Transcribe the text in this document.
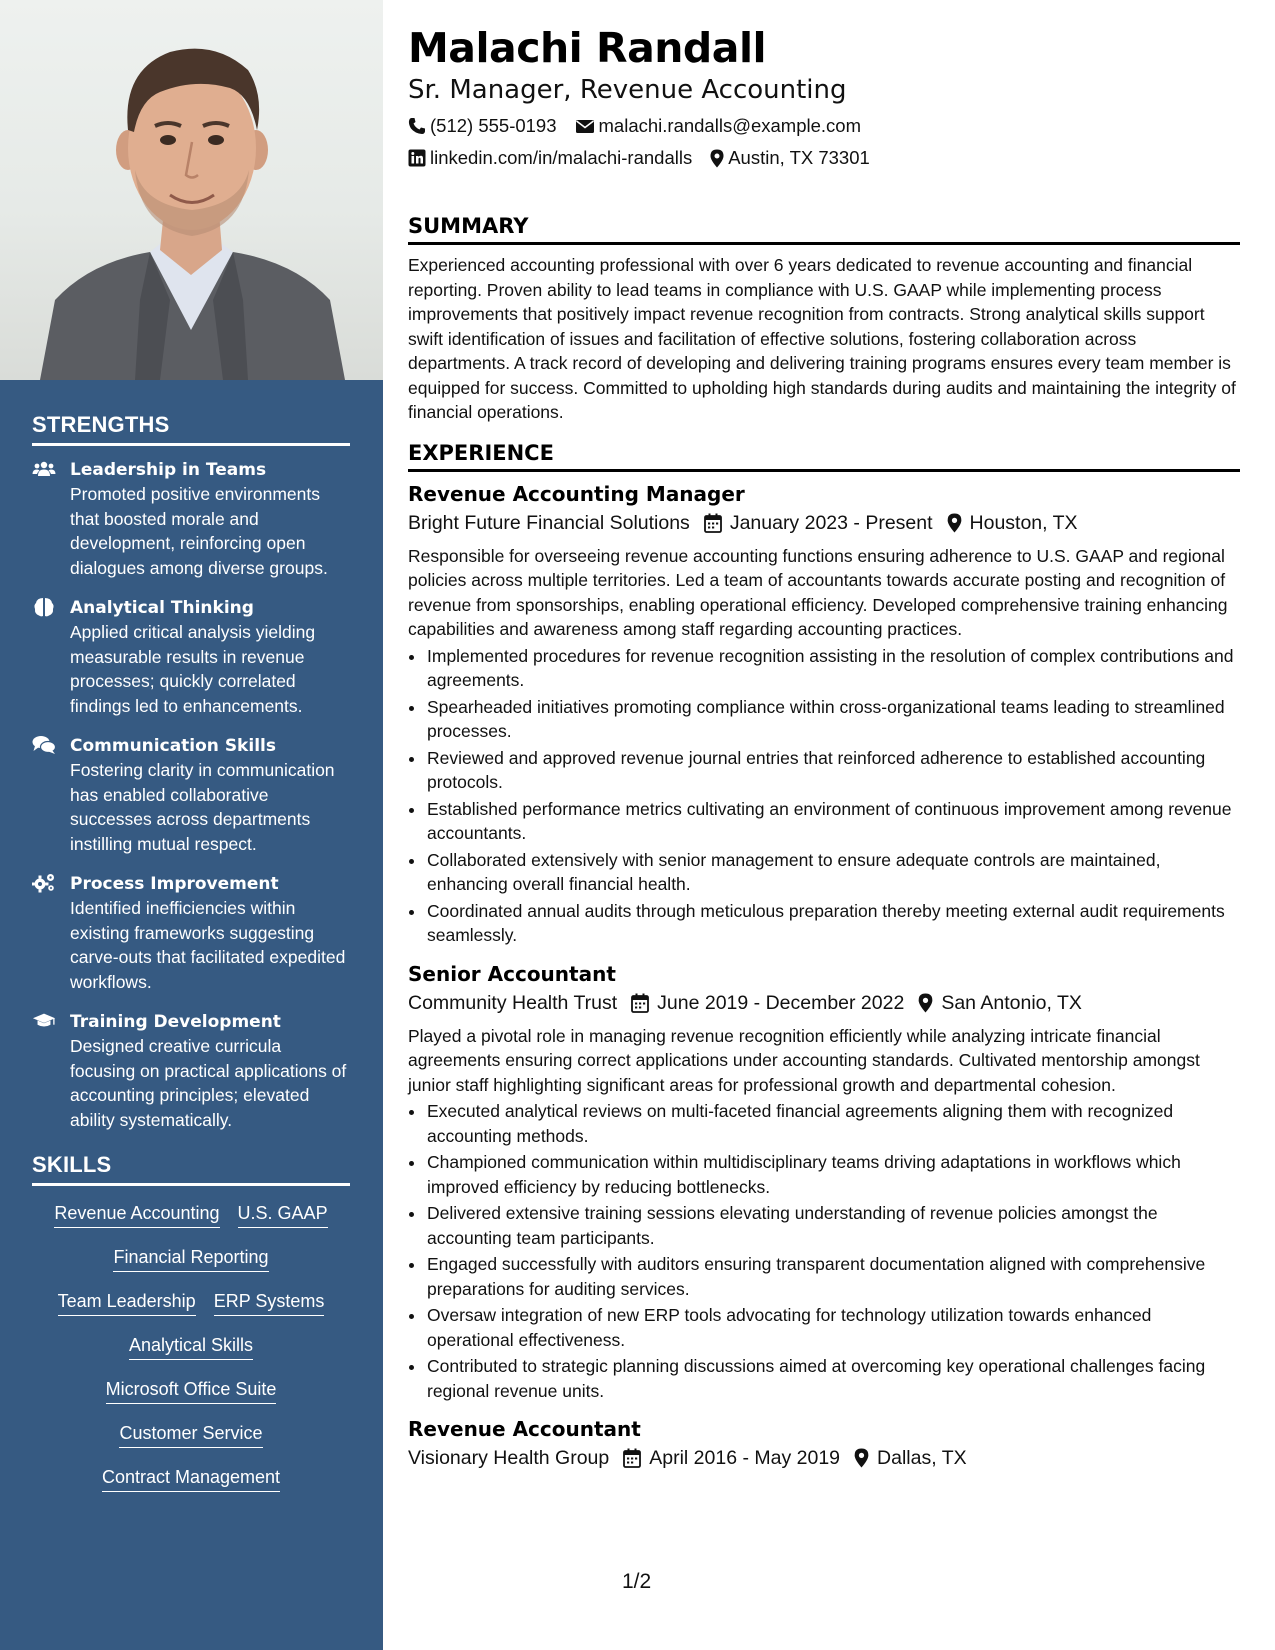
STRENGTHS
Leadership in Teams
Promoted positive environments that boosted morale and development, reinforcing open dialogues among diverse groups.
Analytical Thinking
Applied critical analysis yielding measurable results in revenue processes; quickly correlated findings led to enhancements.
Communication Skills
Fostering clarity in communication has enabled collaborative successes across departments instilling mutual respect.
Process Improvement
Identified inefficiencies within existing frameworks suggesting carve-outs that facilitated expedited workflows.
Training Development
Designed creative curricula focusing on practical applications of accounting principles; elevated ability systematically.
SKILLS
Revenue Accounting U.S. GAAP
Financial Reporting
Team Leadership ERP Systems
Analytical Skills
Microsoft Office Suite
Customer Service
Contract Management
Malachi Randall
Sr. Manager, Revenue Accounting
(512) 555-0193 malachi.randalls@example.com
linkedin.com/in/malachi-randalls Austin, TX 73301
SUMMARY
Experienced accounting professional with over 6 years dedicated to revenue accounting and financial reporting. Proven ability to lead teams in compliance with U.S. GAAP while implementing process improvements that positively impact revenue recognition from contracts. Strong analytical skills support swift identification of issues and facilitation of effective solutions, fostering collaboration across departments. A track record of developing and delivering training programs ensures every team member is equipped for success. Committed to upholding high standards during audits and maintaining the integrity of financial operations.
EXPERIENCE
Revenue Accounting Manager
Bright Future Financial Solutions January 2023 - Present Houston, TX
Responsible for overseeing revenue accounting functions ensuring adherence to U.S. GAAP and regional policies across multiple territories. Led a team of accountants towards accurate posting and recognition of revenue from sponsorships, enabling operational efficiency. Developed comprehensive training enhancing capabilities and awareness among staff regarding accounting practices.
• Implemented procedures for revenue recognition assisting in the resolution of complex contributions and agreements.
• Spearheaded initiatives promoting compliance within cross-organizational teams leading to streamlined processes.
• Reviewed and approved revenue journal entries that reinforced adherence to established accounting protocols.
• Established performance metrics cultivating an environment of continuous improvement among revenue accountants.
• Collaborated extensively with senior management to ensure adequate controls are maintained, enhancing overall financial health.
• Coordinated annual audits through meticulous preparation thereby meeting external audit requirements seamlessly.
Senior Accountant
Community Health Trust June 2019 - December 2022 San Antonio, TX
Played a pivotal role in managing revenue recognition efficiently while analyzing intricate financial agreements ensuring correct applications under accounting standards. Cultivated mentorship amongst junior staff highlighting significant areas for professional growth and departmental cohesion.
• Executed analytical reviews on multi-faceted financial agreements aligning them with recognized accounting methods.
• Championed communication within multidisciplinary teams driving adaptations in workflows which improved efficiency by reducing bottlenecks.
• Delivered extensive training sessions elevating understanding of revenue policies amongst the accounting team participants.
• Engaged successfully with auditors ensuring transparent documentation aligned with comprehensive preparations for auditing services.
• Oversaw integration of new ERP tools advocating for technology utilization towards enhanced operational effectiveness.
• Contributed to strategic planning discussions aimed at overcoming key operational challenges facing regional revenue units.
Revenue Accountant
Visionary Health Group April 2016 - May 2019 Dallas, TX
1/2
